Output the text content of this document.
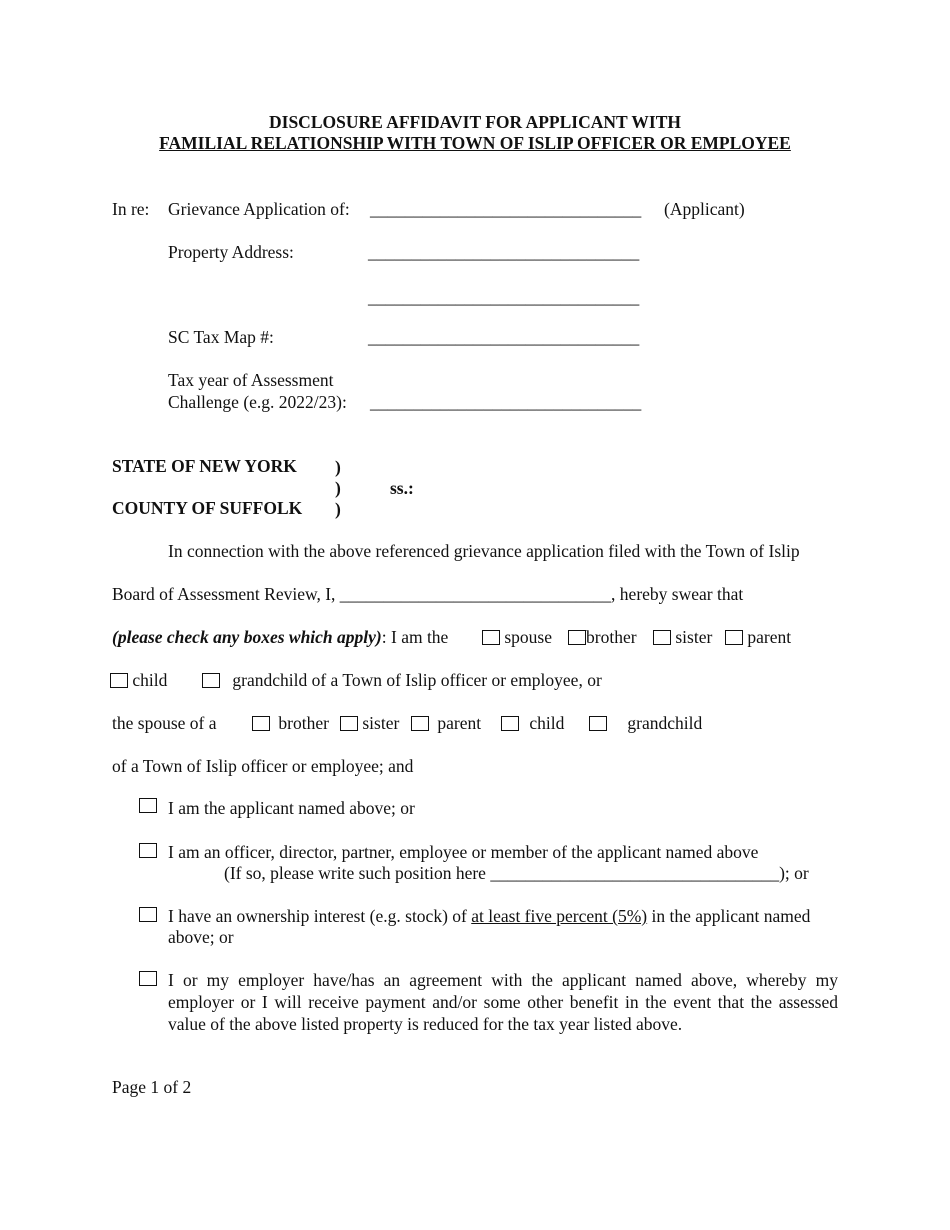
DISCLOSURE AFFIDAVIT FOR APPLICANT WITH
FAMILIAL RELATIONSHIP WITH TOWN OF ISLIP OFFICER OR EMPLOYEE
In re: Grievance Application of: _______________________________ (Applicant)
Property Address:	_______________________________
_______________________________
SC Tax Map #:	_______________________________
Tax year of Assessment
Challenge (e.g. 2022/23): _______________________________
STATE OF NEW YORK )
)	ss.:
COUNTY OF SUFFOLK )
In connection with the above referenced grievance application filed with the Town of Islip
Board of Assessment Review, I, _______________________________, hereby swear that
(please check any boxes which apply): I am the	spouse	brother	sister	parent
child	grandchild of a Town of Islip officer or employee, or
the spouse of a	brother	sister	parent	child	grandchild
of a Town of Islip officer or employee; and
I am the applicant named above; or
I am an officer, director, partner, employee or member of the applicant named above
(If so, please write such position here _________________________________); or
I have an ownership interest (e.g. stock) of at least five percent (5%) in the applicant named
above; or
I or my employer have/has an agreement with the applicant named above, whereby my employer or I will receive payment and/or some other benefit in the event that the assessed value of the above listed property is reduced for the tax year listed above.
Page 1 of 2
